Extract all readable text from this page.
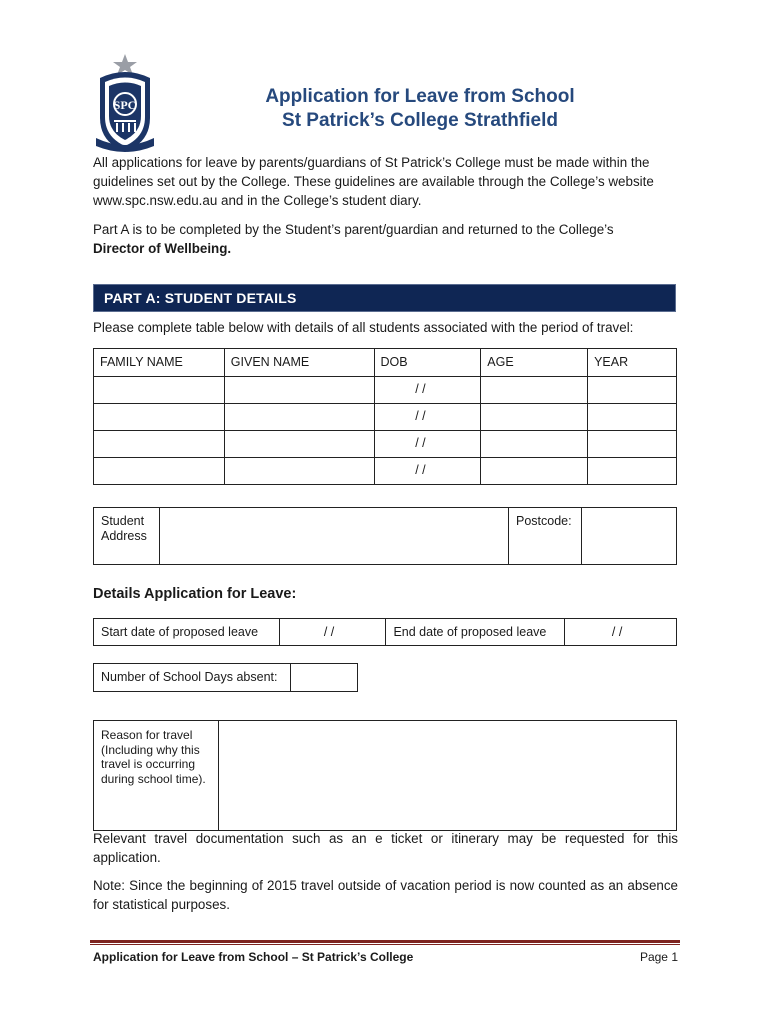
SPC	Application for Leave from School
St Patrick’s College Strathfield
All applications for leave by parents/guardians of St Patrick’s College must be made within the guidelines set out by the College. These guidelines are available through the College’s website www.spc.nsw.edu.au and in the College’s student diary.
Part A is to be completed by the Student’s parent/guardian and returned to the College’s
Director of Wellbeing.
PART A: STUDENT DETAILS
Please complete table below with details of all students associated with the period of travel:
FAMILY NAME	GIVEN NAME	DOB	AGE	YEAR
		/ /		
		/ /		
		/ /		
		/ /		
Student Address		Postcode:	
Details Application for Leave:
Start date of proposed leave	/ /	End date of proposed leave	/ /
Number of School Days absent:	
Reason for travel (Including why this travel is occurring during school time).	
Relevant travel documentation such as an e ticket or itinerary may be requested for this application.
Note: Since the beginning of 2015 travel outside of vacation period is now counted as an absence for statistical purposes.
Application for Leave from School – St Patrick’s College	Page 1
